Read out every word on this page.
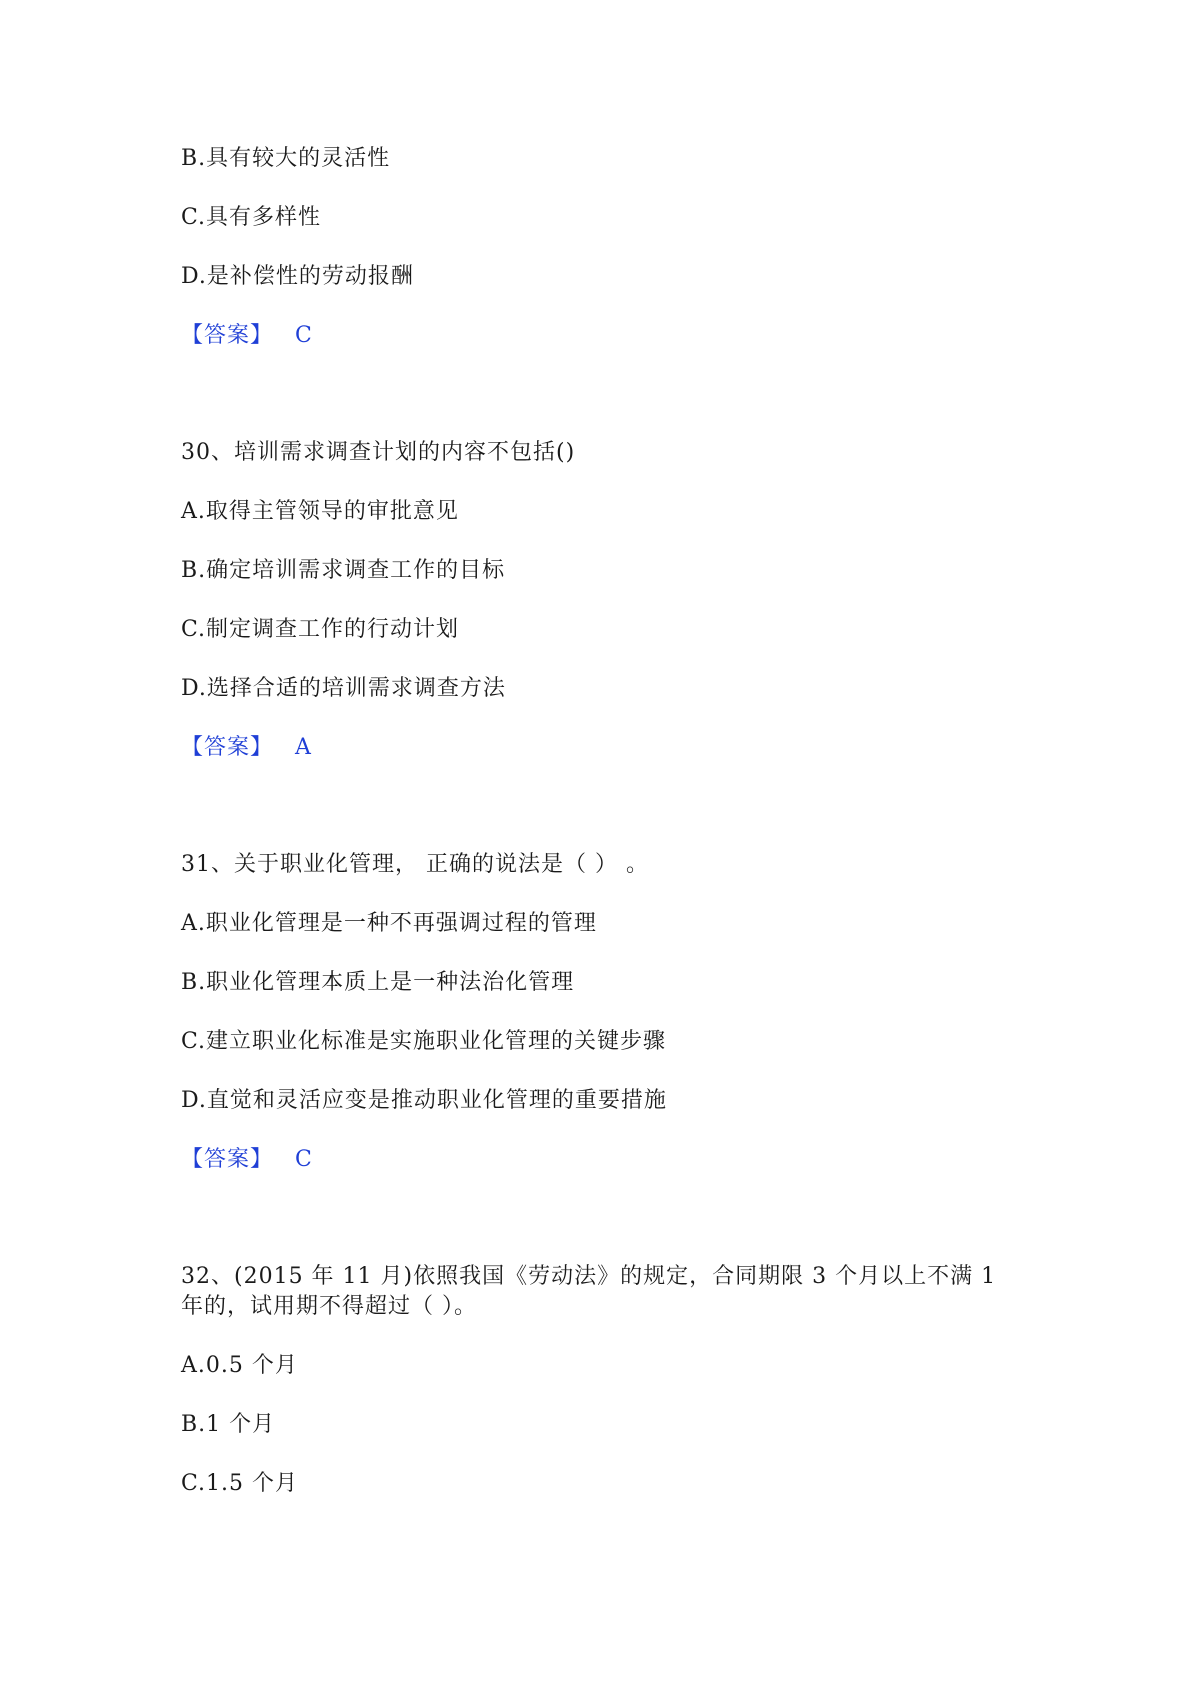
B.具有较大的灵活性
C.具有多样性
D.是补偿性的劳动报酬
【答案】 C
30、培训需求调查计划的内容不包括()
A.取得主管领导的审批意见
B.确定培训需求调查工作的目标
C.制定调查工作的行动计划
D.选择合适的培训需求调查方法
【答案】 A
31、关于职业化管理， 正确的说法是（ ） 。
A.职业化管理是一种不再强调过程的管理
B.职业化管理本质上是一种法治化管理
C.建立职业化标准是实施职业化管理的关键步骤
D.直觉和灵活应变是推动职业化管理的重要措施
【答案】 C
32、(2015 年 11 月)依照我国《劳动法》的规定，合同期限 3 个月以上不满 1
年的，试用期不得超过（ ）。
A.0.5 个月
B.1 个月
C.1.5 个月
